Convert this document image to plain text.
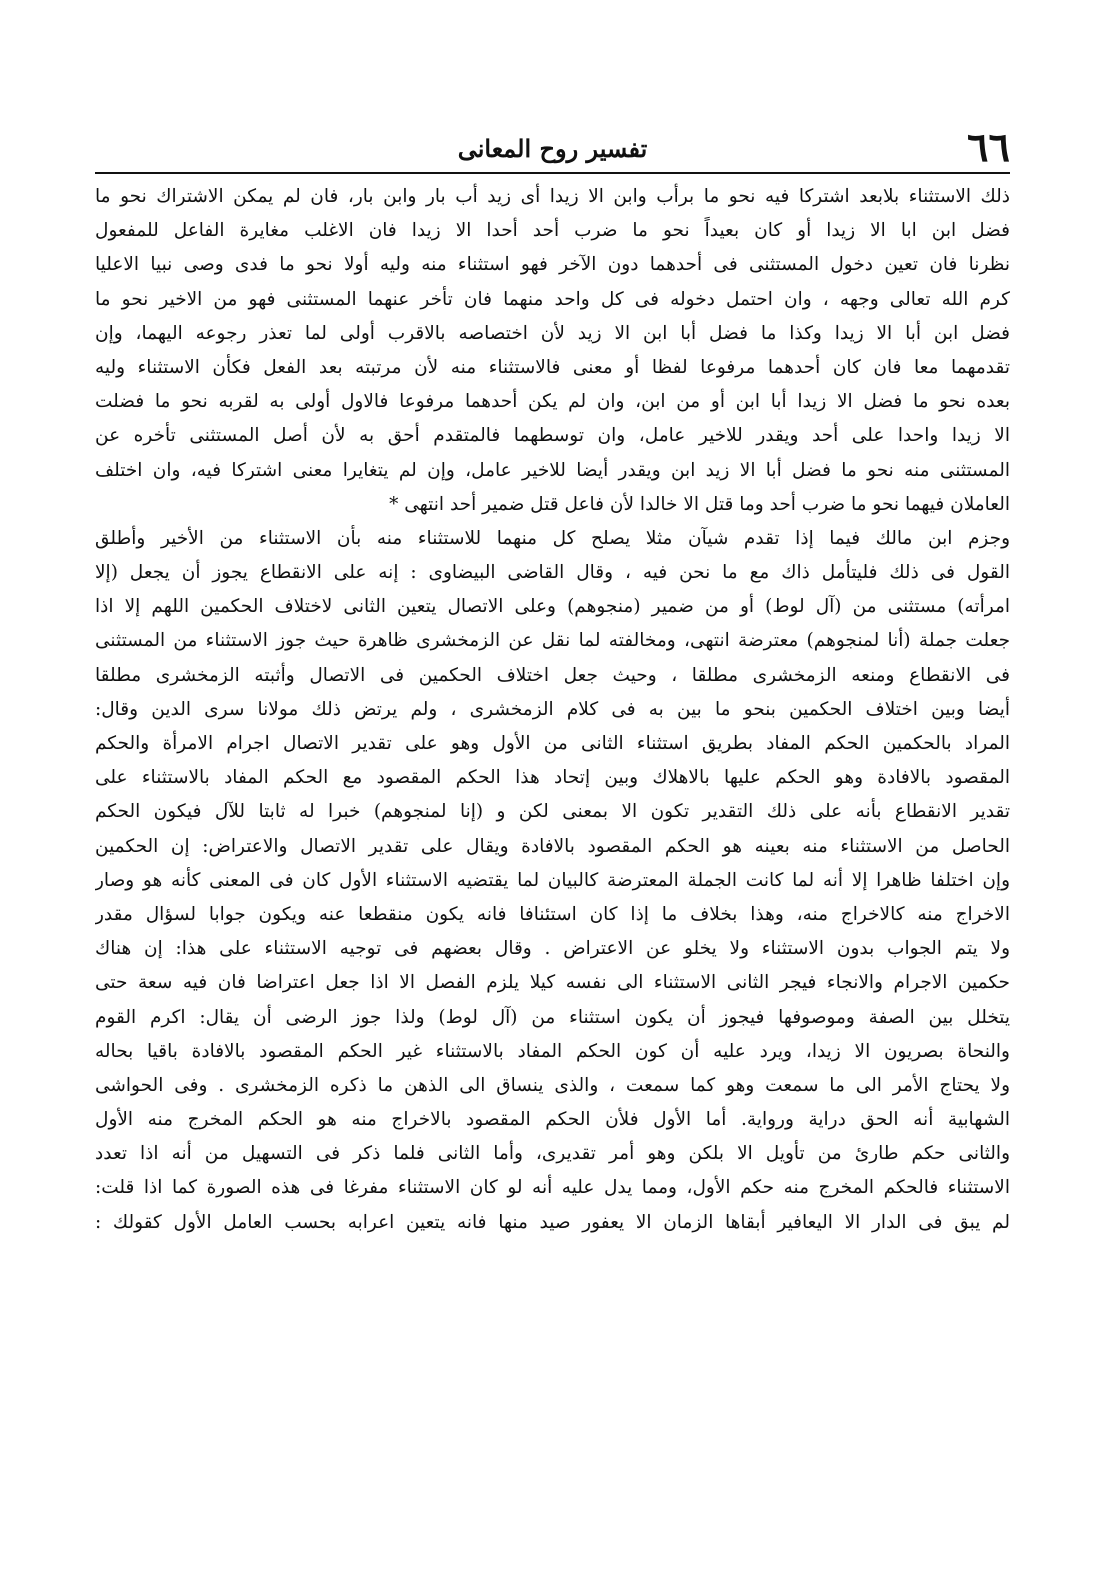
٦٦
تفسير روح المعانى
ذلك الاستثناء بلابعد اشتركا فيه نحو ما برأب وابن الا زيدا أى زيد أب بار وابن بار، فان لم يمكن الاشتراك نحو ما
فضل ابن ابا الا زيدا أو كان بعيداً نحو ما ضرب أحد أحدا الا زيدا فان الاغلب مغايرة الفاعل للمفعول
نظرنا فان تعين دخول المستثنى فى أحدهما دون الآخر فهو استثناء منه وليه أولا نحو ما فدى وصى نبيا الاعليا
كرم الله تعالى وجهه ، وان احتمل دخوله فى كل واحد منهما فان تأخر عنهما المستثنى فهو من الاخير نحو ما
فضل ابن أبا الا زيدا وكذا ما فضل أبا ابن الا زيد لأن اختصاصه بالاقرب أولى لما تعذر رجوعه اليهما، وإن
تقدمهما معا فان كان أحدهما مرفوعا لفظا أو معنى فالاستثناء منه لأن مرتبته بعد الفعل فكأن الاستثناء وليه
بعده نحو ما فضل الا زيدا أبا ابن أو من ابن، وان لم يكن أحدهما مرفوعا فالاول أولى به لقربه نحو ما فضلت
الا زيدا واحدا على أحد ويقدر للاخير عامل، وان توسطهما فالمتقدم أحق به لأن أصل المستثنى تأخره عن
المستثنى منه نحو ما فضل أبا الا زيد ابن ويقدر أيضا للاخير عامل، وإن لم يتغايرا معنى اشتركا فيه، وان اختلف
العاملان فيهما نحو ما ضرب أحد وما قتل الا خالدا لأن فاعل قتل ضمير أحد انتهى *
وجزم ابن مالك فيما إذا تقدم شيآن مثلا يصلح كل منهما للاستثناء منه بأن الاستثناء من الأخير وأطلق
القول فى ذلك فليتأمل ذاك مع ما نحن فيه ، وقال القاضى البيضاوى : إنه على الانقطاع يجوز أن يجعل (إلا
امرأته) مستثنى من (آل لوط) أو من ضمير (منجوهم) وعلى الاتصال يتعين الثانى لاختلاف الحكمين اللهم إلا اذا
جعلت جملة (أنا لمنجوهم) معترضة انتهى، ومخالفته لما نقل عن الزمخشرى ظاهرة حيث جوز الاستثناء من المستثنى
فى الانقطاع ومنعه الزمخشرى مطلقا ، وحيث جعل اختلاف الحكمين فى الاتصال وأثبته الزمخشرى مطلقا
أيضا وبين اختلاف الحكمين بنحو ما بين به فى كلام الزمخشرى ، ولم يرتض ذلك مولانا سرى الدين وقال:
المراد بالحكمين الحكم المفاد بطريق استثناء الثانى من الأول وهو على تقدير الاتصال اجرام الامرأة والحكم
المقصود بالافادة وهو الحكم عليها بالاهلاك وبين إتحاد هذا الحكم المقصود مع الحكم المفاد بالاستثناء على
تقدير الانقطاع بأنه على ذلك التقدير تكون الا بمعنى لكن و (إنا لمنجوهم) خبرا له ثابتا للآل فيكون الحكم
الحاصل من الاستثناء منه بعينه هو الحكم المقصود بالافادة ويقال على تقدير الاتصال والاعتراض: إن الحكمين
وإن اختلفا ظاهرا إلا أنه لما كانت الجملة المعترضة كالبيان لما يقتضيه الاستثناء الأول كان فى المعنى كأنه هو وصار
الاخراج منه كالاخراج منه، وهذا بخلاف ما إذا كان استئنافا فانه يكون منقطعا عنه ويكون جوابا لسؤال مقدر
ولا يتم الجواب بدون الاستثناء ولا يخلو عن الاعتراض . وقال بعضهم فى توجيه الاستثناء على هذا: إن هناك
حكمين الاجرام والانجاء فيجر الثانى الاستثناء الى نفسه كيلا يلزم الفصل الا اذا جعل اعتراضا فان فيه سعة حتى
يتخلل بين الصفة وموصوفها فيجوز أن يكون استثناء من (آل لوط) ولذا جوز الرضى أن يقال: اكرم القوم
والنحاة بصريون الا زيدا، ويرد عليه أن كون الحكم المفاد بالاستثناء غير الحكم المقصود بالافادة باقيا بحاله
ولا يحتاج الأمر الى ما سمعت وهو كما سمعت ، والذى ينساق الى الذهن ما ذكره الزمخشرى . وفى الحواشى
الشهابية أنه الحق دراية ورواية. أما الأول فلأن الحكم المقصود بالاخراج منه هو الحكم المخرج منه الأول
والثانى حكم طارئ من تأويل الا بلكن وهو أمر تقديرى، وأما الثانى فلما ذكر فى التسهيل من أنه اذا تعدد
الاستثناء فالحكم المخرج منه حكم الأول، ومما يدل عليه أنه لو كان الاستثناء مفرغا فى هذه الصورة كما اذا قلت:
لم يبق فى الدار الا اليعافير أبقاها الزمان الا يعفور صيد منها فانه يتعين اعرابه بحسب العامل الأول كقولك :
